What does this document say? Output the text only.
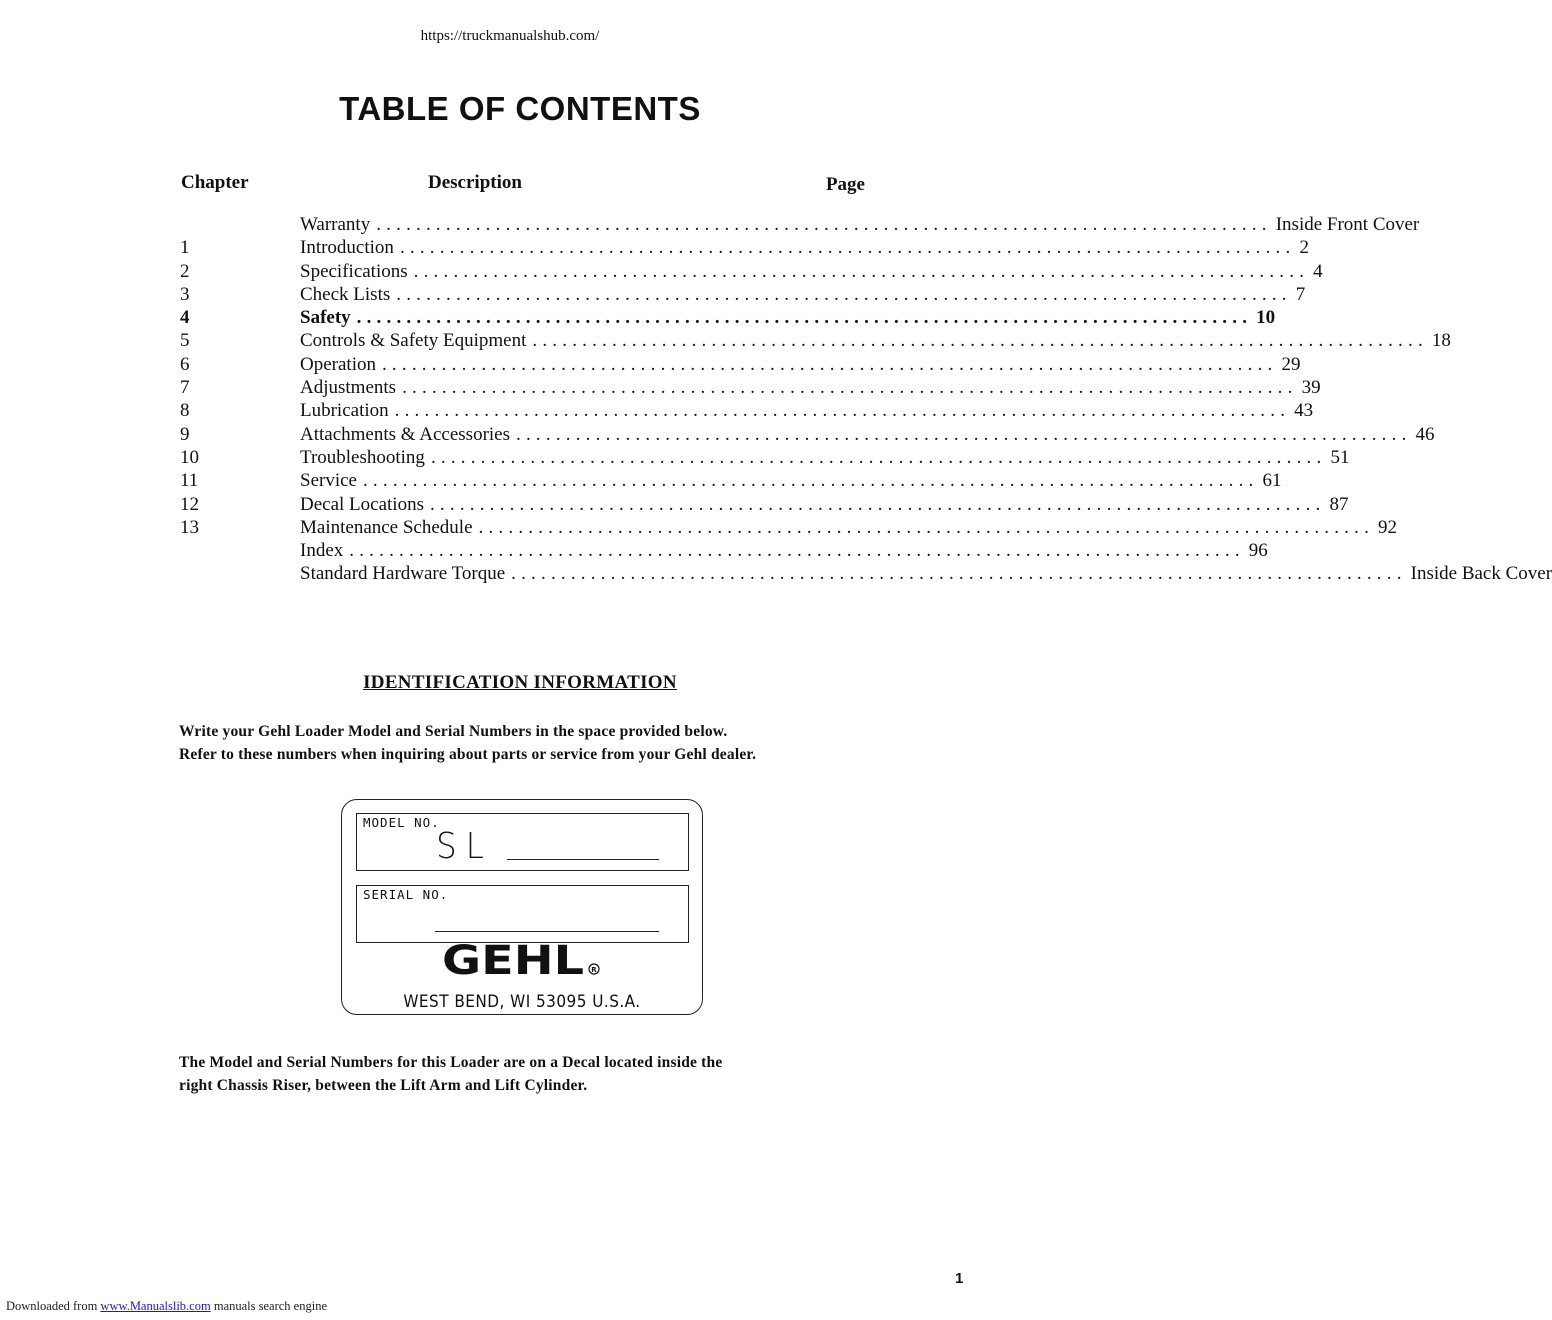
https://truckmanualshub.com/
TABLE OF CONTENTS
Chapter	Description	Page
Warranty .......................................................................................... Inside Front Cover
1	Introduction .......................................................................................... 2
2	Specifications .......................................................................................... 4
3	Check Lists .......................................................................................... 7
4	Safety .......................................................................................... 10
5	Controls & Safety Equipment .......................................................................................... 18
6	Operation .......................................................................................... 29
7	Adjustments .......................................................................................... 39
8	Lubrication .......................................................................................... 43
9	Attachments & Accessories .......................................................................................... 46
10	Troubleshooting .......................................................................................... 51
11	Service .......................................................................................... 61
12	Decal Locations .......................................................................................... 87
13	Maintenance Schedule .......................................................................................... 92
Index .......................................................................................... 96
Standard Hardware Torque .......................................................................................... Inside Back Cover
IDENTIFICATION INFORMATION
Write your Gehl Loader Model and Serial Numbers in the space provided below.
Refer to these numbers when inquiring about parts or service from your Gehl dealer.
MODEL NO.
SL
SERIAL NO.
GEHL R
WEST BEND, WI 53095 U.S.A.
The Model and Serial Numbers for this Loader are on a Decal located inside the
right Chassis Riser, between the Lift Arm and Lift Cylinder.
1
Downloaded from www.Manualslib.com manuals search engine
